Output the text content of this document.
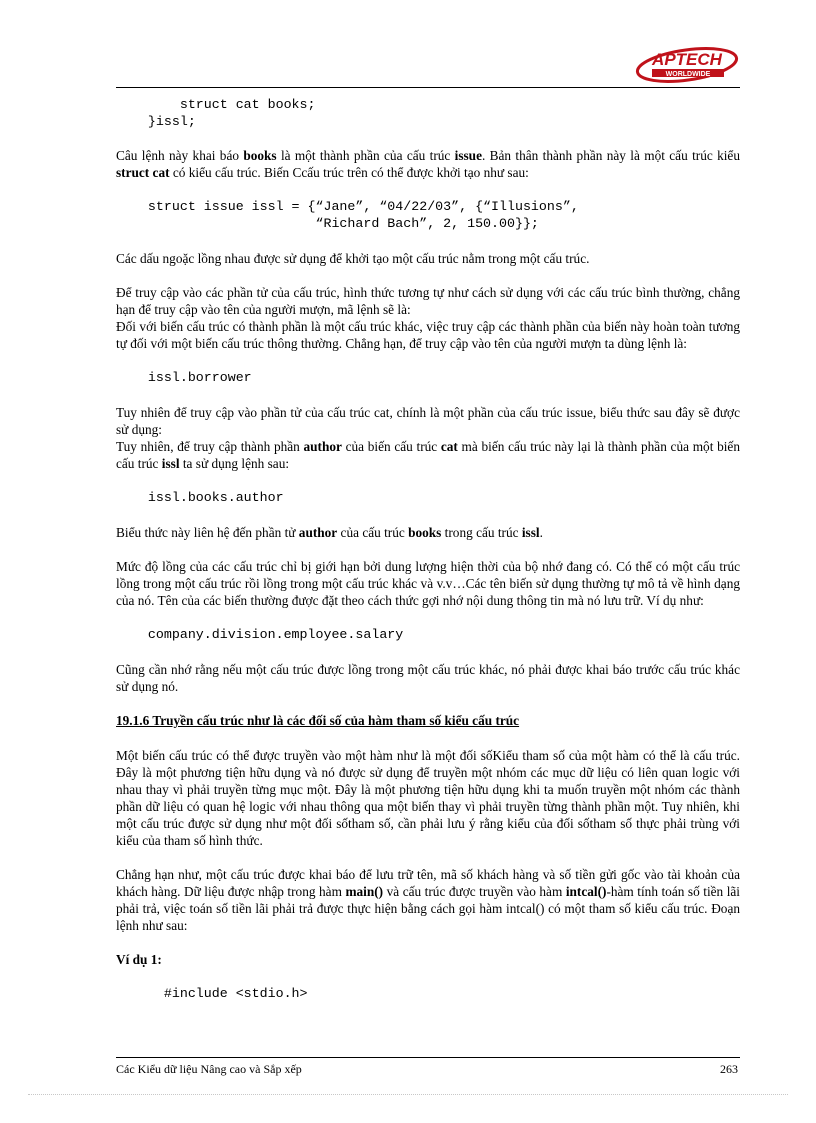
APTECH
WORLDWIDE
struct cat books;
}issl;

Câu lệnh này khai báo books là một thành phần của cấu trúc issue. Bản thân thành phần này là một cấu trúc kiểu struct cat có kiểu cấu trúc. Biến Ccấu trúc trên có thể được khởi tạo như sau:

struct issue issl = {“Jane”, “04/22/03”, {“Illusions”,
“Richard Bach”, 2, 150.00}};

Các dấu ngoặc lồng nhau được sử dụng để khởi tạo một cấu trúc nằm trong một cấu trúc.

Để truy cập vào các phần tử của cấu trúc, hình thức tương tự như cách sử dụng với các cấu trúc bình thường, chẳng hạn để truy cập vào tên của người mượn, mã lệnh sẽ là:
Đối với biến cấu trúc có thành phần là một cấu trúc khác, việc truy cập các thành phần của biến này hoàn toàn tương tự đối với một biến cấu trúc thông thường. Chẳng hạn, để truy cập vào tên của người mượn ta dùng lệnh là:

issl.borrower

Tuy nhiên để truy cập vào phần tử của cấu trúc cat, chính là một phần của cấu trúc issue, biểu thức sau đây sẽ được sử dụng:
Tuy nhiên, để truy cập thành phần author của biến cấu trúc cat mà biến cấu trúc này lại là thành phần của một biến cấu trúc issl ta sử dụng lệnh sau:

issl.books.author

Biểu thức này liên hệ đến phần tử author của cấu trúc books trong cấu trúc issl.

Mức độ lồng của các cấu trúc chỉ bị giới hạn bởi dung lượng hiện thời của bộ nhớ đang có. Có thể có một cấu trúc lồng trong một cấu trúc rồi lồng trong một cấu trúc khác và v.v…Các tên biến sử dụng thường tự mô tả về hình dạng của nó. Tên của các biến thường được đặt theo cách thức gợi nhớ nội dung thông tin mà nó lưu trữ. Ví dụ như:

company.division.employee.salary

Cũng cần nhớ rằng nếu một cấu trúc được lồng trong một cấu trúc khác, nó phải được khai báo trước cấu trúc khác sử dụng nó.

19.1.6 Truyền cấu trúc như là các đối số của hàm tham số kiểu cấu trúc

Một biến cấu trúc có thể được truyền vào một hàm như là một đối sốKiểu tham số của một hàm có thể là cấu trúc. Đây là một phương tiện hữu dụng và nó được sử dụng để truyền một nhóm các mục dữ liệu có liên quan logic với nhau thay vì phải truyền từng mục một. Đây là một phương tiện hữu dụng khi ta muốn truyền một nhóm các thành phần dữ liệu có quan hệ logic với nhau thông qua một biến thay vì phải truyền từng thành phần một. Tuy nhiên, khi một cấu trúc được sử dụng như một đối sốtham số, cần phải lưu ý rằng kiểu của đối sốtham số thực phải trùng với kiểu của tham số hình thức.

Chẳng hạn như, một cấu trúc được khai báo để lưu trữ tên, mã số khách hàng và số tiền gửi gốc vào tài khoản của khách hàng. Dữ liệu được nhập trong hàm main() và cấu trúc được truyền vào hàm intcal()-hàm tính toán số tiền lãi phải trả, việc toán số tiền lãi phải trả được thực hiện bằng cách gọi hàm intcal() có một tham số kiểu cấu trúc. Đoạn lệnh như sau:

Ví dụ 1:

#include <stdio.h>
Các Kiểu dữ liệu Nâng cao và Sắp xếp	263
